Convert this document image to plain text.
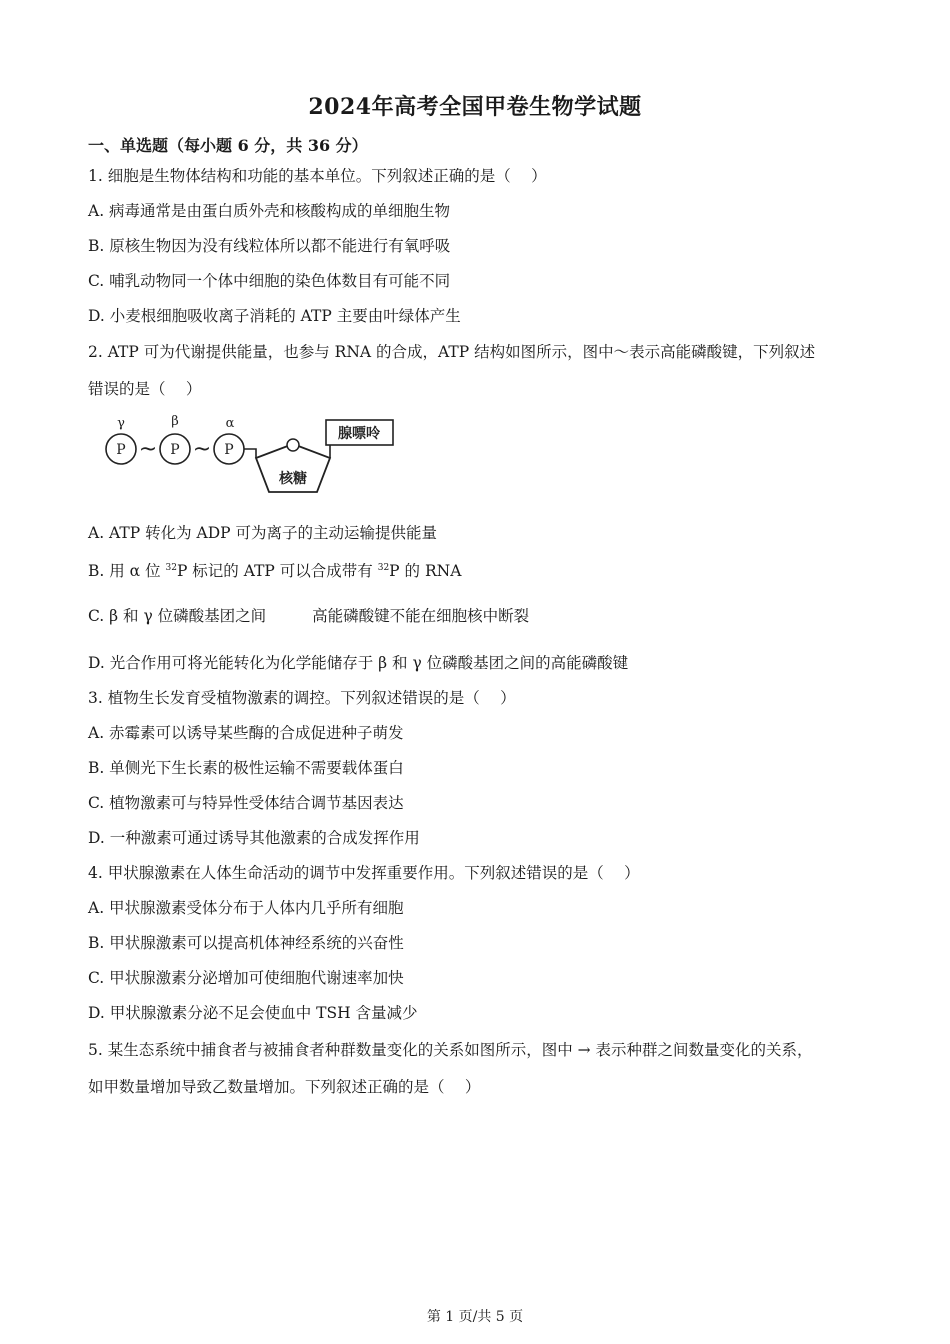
2024年高考全国甲卷生物学试题
一、单选题（每小题 6 分，共 36 分）
1. 细胞是生物体结构和功能的基本单位。下列叙述正确的是（　 ）
A. 病毒通常是由蛋白质外壳和核酸构成的单细胞生物
B. 原核生物因为没有线粒体所以都不能进行有氧呼吸
C. 哺乳动物同一个体中细胞的染色体数目有可能不同
D. 小麦根细胞吸收离子消耗的 ATP 主要由叶绿体产生
2. ATP 可为代谢提供能量，也参与 RNA 的合成，ATP 结构如图所示，图中～表示高能磷酸键，下列叙述
错误的是（　 ）
γ	β	α
P	P	P
~ ~
核糖
腺嘌呤
A. ATP 转化为 ADP 可为离子的主动运输提供能量
B. 用 α 位 $^{32}$P 标记的 ATP 可以合成带有 $^{32}$P 的 RNA
C. β 和 γ 位磷酸基团之间	高能磷酸键不能在细胞核中断裂
D. 光合作用可将光能转化为化学能储存于 β 和 γ 位磷酸基团之间的高能磷酸键
3. 植物生长发育受植物激素的调控。下列叙述错误的是（　 ）
A. 赤霉素可以诱导某些酶的合成促进种子萌发
B. 单侧光下生长素的极性运输不需要载体蛋白
C. 植物激素可与特异性受体结合调节基因表达
D. 一种激素可通过诱导其他激素的合成发挥作用
4. 甲状腺激素在人体生命活动的调节中发挥重要作用。下列叙述错误的是（　 ）
A. 甲状腺激素受体分布于人体内几乎所有细胞
B. 甲状腺激素可以提高机体神经系统的兴奋性
C. 甲状腺激素分泌增加可使细胞代谢速率加快
D. 甲状腺激素分泌不足会使血中 TSH 含量减少
5. 某生态系统中捕食者与被捕食者种群数量变化的关系如图所示，图中 → 表示种群之间数量变化的关系，
如甲数量增加导致乙数量增加。下列叙述正确的是（　 ）
第 1 页/共 5 页
